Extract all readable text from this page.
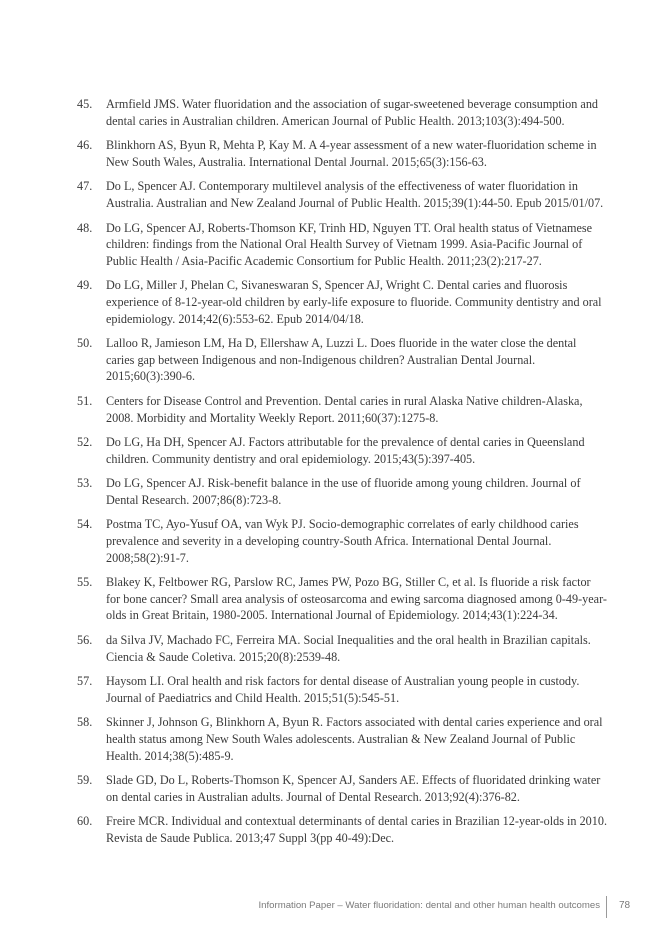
45.	Armfield JMS. Water fluoridation and the association of sugar-sweetened beverage consumption and dental caries in Australian children. American Journal of Public Health. 2013;103(3):494-500.
46.	Blinkhorn AS, Byun R, Mehta P, Kay M. A 4-year assessment of a new water-fluoridation scheme in New South Wales, Australia. International Dental Journal. 2015;65(3):156-63.
47.	Do L, Spencer AJ. Contemporary multilevel analysis of the effectiveness of water fluoridation in Australia. Australian and New Zealand Journal of Public Health. 2015;39(1):44-50. Epub 2015/01/07.
48.	Do LG, Spencer AJ, Roberts-Thomson KF, Trinh HD, Nguyen TT. Oral health status of Vietnamese children: findings from the National Oral Health Survey of Vietnam 1999. Asia-Pacific Journal of Public Health / Asia-Pacific Academic Consortium for Public Health. 2011;23(2):217-27.
49.	Do LG, Miller J, Phelan C, Sivaneswaran S, Spencer AJ, Wright C. Dental caries and fluorosis experience of 8-12-year-old children by early-life exposure to fluoride. Community dentistry and oral epidemiology. 2014;42(6):553-62. Epub 2014/04/18.
50.	Lalloo R, Jamieson LM, Ha D, Ellershaw A, Luzzi L. Does fluoride in the water close the dental caries gap between Indigenous and non-Indigenous children? Australian Dental Journal. 2015;60(3):390-6.
51.	Centers for Disease Control and Prevention. Dental caries in rural Alaska Native children-Alaska, 2008. Morbidity and Mortality Weekly Report. 2011;60(37):1275-8.
52.	Do LG, Ha DH, Spencer AJ. Factors attributable for the prevalence of dental caries in Queensland children. Community dentistry and oral epidemiology. 2015;43(5):397-405.
53.	Do LG, Spencer AJ. Risk-benefit balance in the use of fluoride among young children. Journal of Dental Research. 2007;86(8):723-8.
54.	Postma TC, Ayo-Yusuf OA, van Wyk PJ. Socio-demographic correlates of early childhood caries prevalence and severity in a developing country-South Africa. International Dental Journal. 2008;58(2):91-7.
55.	Blakey K, Feltbower RG, Parslow RC, James PW, Pozo BG, Stiller C, et al. Is fluoride a risk factor for bone cancer? Small area analysis of osteosarcoma and ewing sarcoma diagnosed among 0-49-year-olds in Great Britain, 1980-2005. International Journal of Epidemiology. 2014;43(1):224-34.
56.	da Silva JV, Machado FC, Ferreira MA. Social Inequalities and the oral health in Brazilian capitals. Ciencia & Saude Coletiva. 2015;20(8):2539-48.
57.	Haysom LI. Oral health and risk factors for dental disease of Australian young people in custody. Journal of Paediatrics and Child Health. 2015;51(5):545-51.
58.	Skinner J, Johnson G, Blinkhorn A, Byun R. Factors associated with dental caries experience and oral health status among New South Wales adolescents. Australian & New Zealand Journal of Public Health. 2014;38(5):485-9.
59.	Slade GD, Do L, Roberts-Thomson K, Spencer AJ, Sanders AE. Effects of fluoridated drinking water on dental caries in Australian adults. Journal of Dental Research. 2013;92(4):376-82.
60.	Freire MCR. Individual and contextual determinants of dental caries in Brazilian 12-year-olds in 2010. Revista de Saude Publica. 2013;47 Suppl 3(pp 40-49):Dec.
Information Paper – Water fluoridation: dental and other human health outcomes 78
